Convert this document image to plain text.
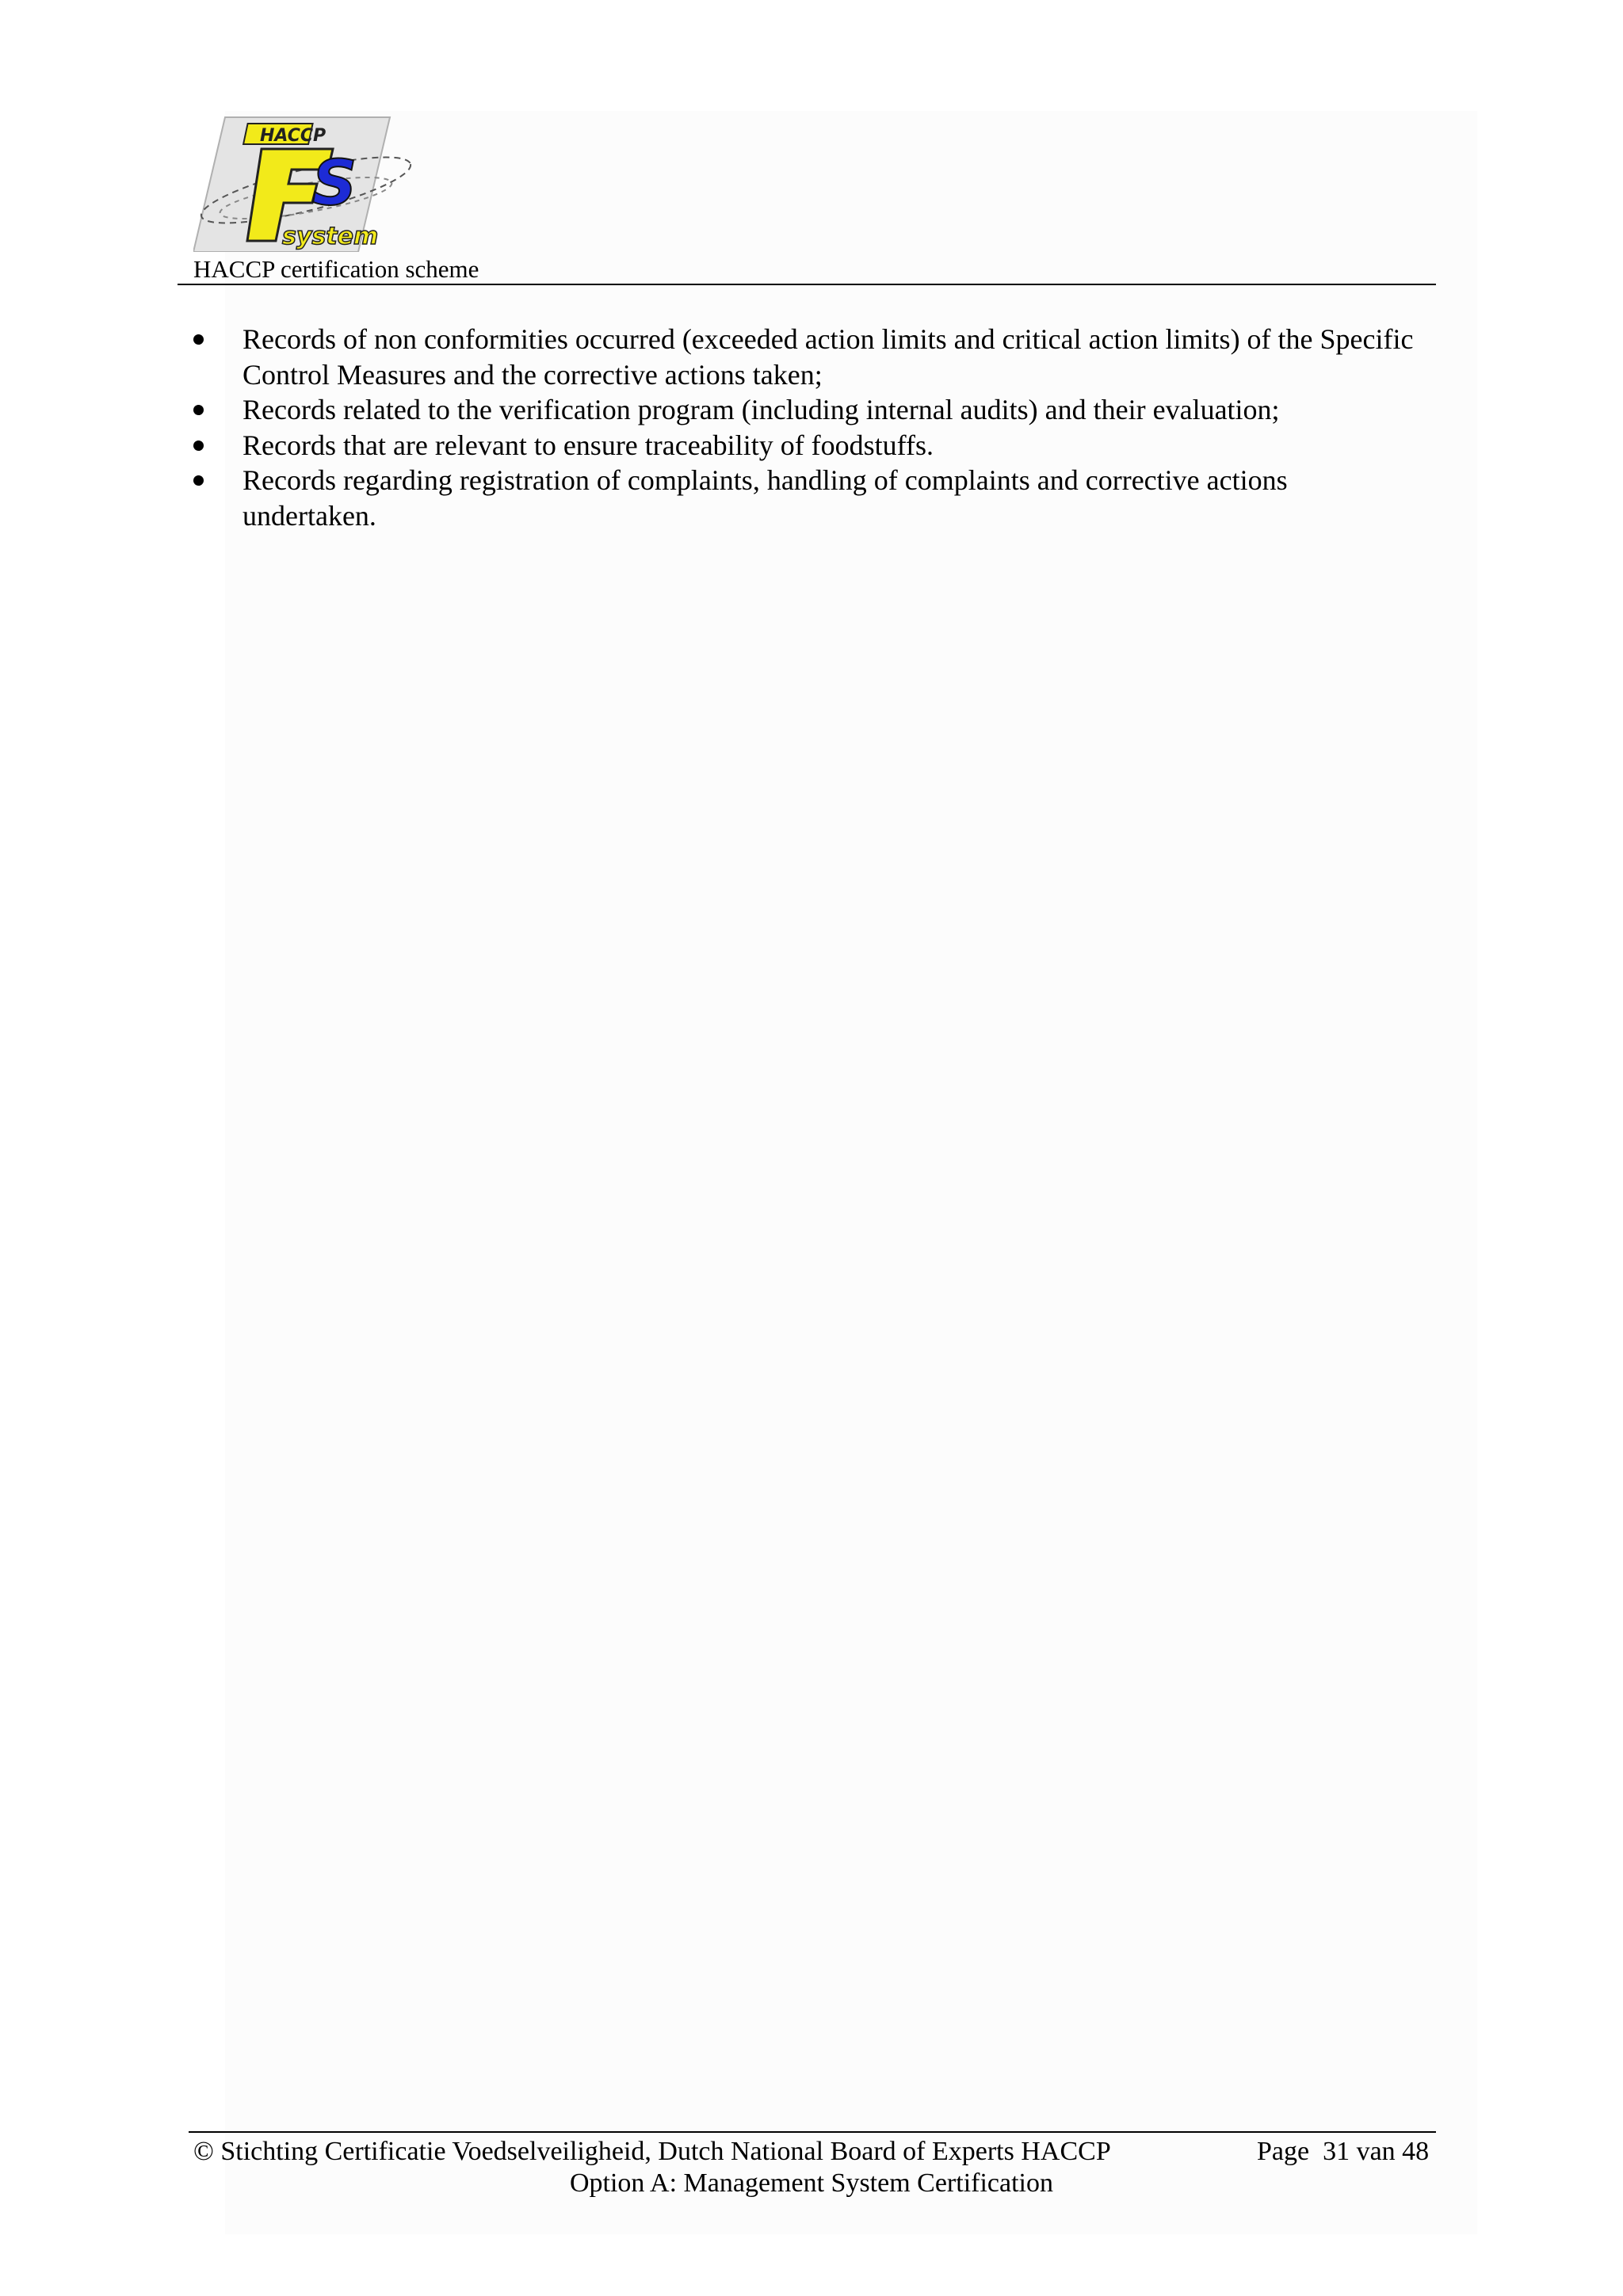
HACCP
S
system
HACCP certification scheme
Records of non conformities occurred (exceeded action limits and critical action limits) of the Specific Control Measures and the corrective actions taken;
Records related to the verification program (including internal audits) and their evaluation;
Records that are relevant to ensure traceability of foodstuffs.
Records regarding registration of complaints, handling of complaints and corrective actions undertaken.
© Stichting Certificatie Voedselveiligheid, Dutch National Board of Experts HACCP	Page  31 van 48
Option A: Management System Certification
